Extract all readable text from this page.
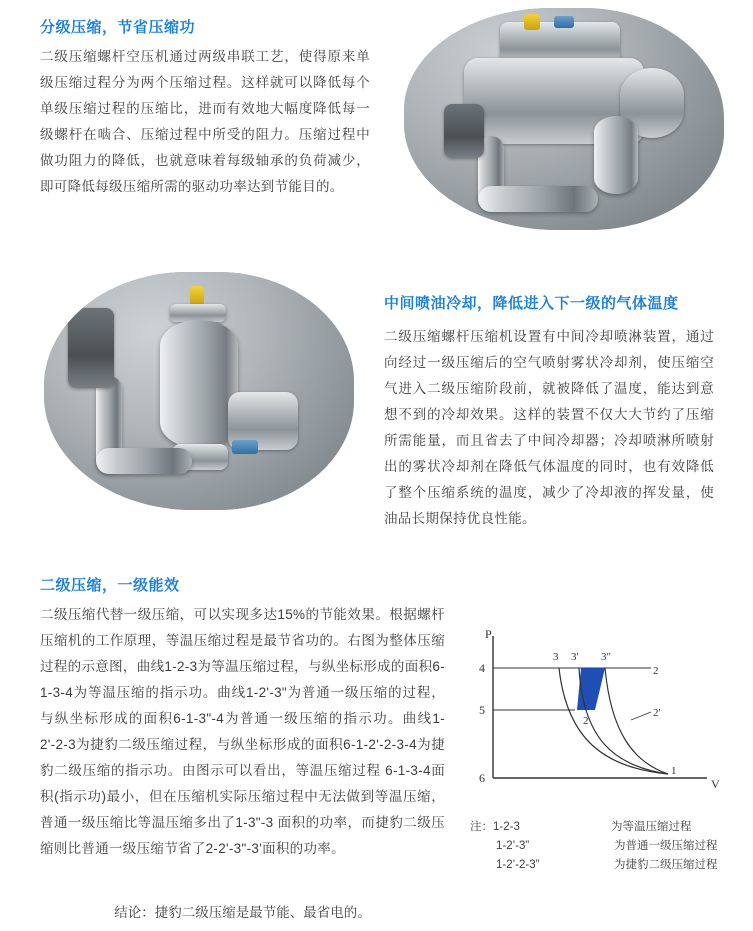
分级压缩，节省压缩功
二级压缩螺杆空压机通过两级串联工艺，使得原来单级压缩过程分为两个压缩过程。这样就可以降低每个单级压缩过程的压缩比，进而有效地大幅度降低每一级螺杆在啮合、压缩过程中所受的阻力。压缩过程中做功阻力的降低，也就意味着每级轴承的负荷减少，即可降低每级压缩所需的驱动功率达到节能目的。
中间喷油冷却，降低进入下一级的气体温度
二级压缩螺杆压缩机设置有中间冷却喷淋装置，通过向经过一级压缩后的空气喷射雾状冷却剂，使压缩空气进入二级压缩阶段前，就被降低了温度，能达到意想不到的冷却效果。这样的装置不仅大大节约了压缩所需能量，而且省去了中间冷却器；冷却喷淋所喷射出的雾状冷却剂在降低气体温度的同时，也有效降低了整个压缩系统的温度，减少了冷却液的挥发量，使油品长期保持优良性能。
二级压缩，一级能效
二级压缩代替一级压缩，可以实现多达15%的节能效果。根据螺杆压缩机的工作原理，等温压缩过程是最节省功的。右图为整体压缩过程的示意图，曲线1-2-3为等温压缩过程，与纵坐标形成的面积6-1-3-4为等温压缩的指示功。曲线1-2'-3"为普通一级压缩的过程，与纵坐标形成的面积6-1-3"-4为普通一级压缩的指示功。曲线1-2'-2-3为捷豹二级压缩过程，与纵坐标形成的面积6-1-2'-2-3-4为捷豹二级压缩的指示功。由图示可以看出，等温压缩过程 6-1-3-4面积(指示功)最小，但在压缩机实际压缩过程中无法做到等温压缩，普通一级压缩比等温压缩多出了1-3"-3 面积的功率，而捷豹二级压缩则比普通一级压缩节省了2-2'-3"-3'面积的功率。
结论：捷豹二级压缩是最节能、最省电的。
P
V
4
5
6
3 3' 3"
2
2'
2
1
注：1-2-3	为等温压缩过程
1-2’-3”	为普通一级压缩过程
1-2’-2-3”	为捷豹二级压缩过程
